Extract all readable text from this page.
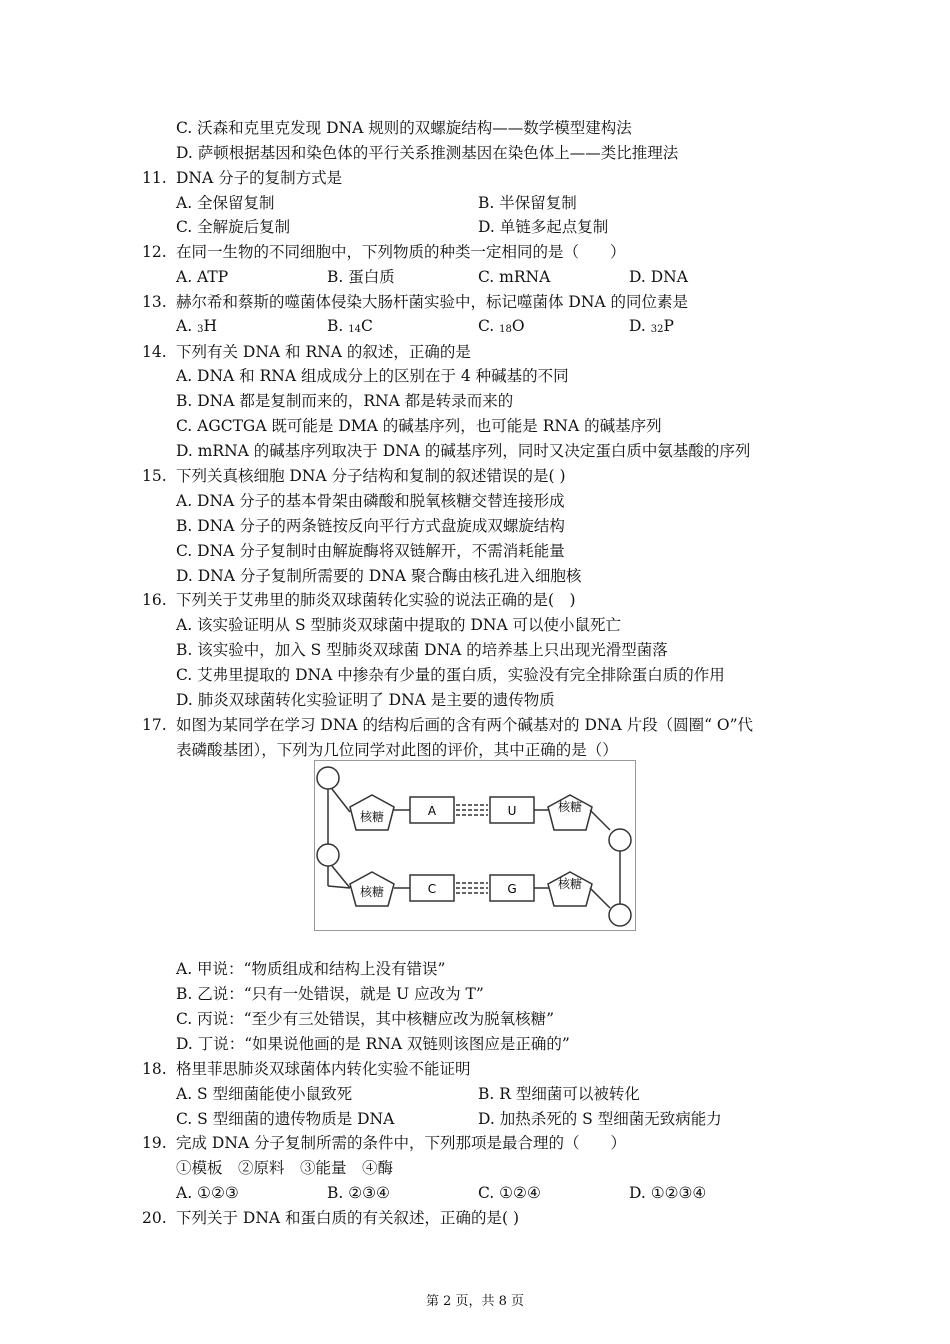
C. 沃森和克里克发现 DNA 规则的双螺旋结构——数学模型建构法
D. 萨顿根据基因和染色体的平行关系推测基因在染色体上——类比推理法
11. DNA 分子的复制方式是
A. 全保留复制	B. 半保留复制
C. 全解旋后复制	D. 单链多起点复制
12. 在同一生物的不同细胞中，下列物质的种类一定相同的是（　　）
A. ATP	B. 蛋白质	C. mRNA	D. DNA
13. 赫尔希和蔡斯的噬菌体侵染大肠杆菌实验中，标记噬菌体 DNA 的同位素是
A. $_3$H	B. $_{14}$C	C. $_{18}$O	D. $_{32}$P
14. 下列有关 DNA 和 RNA 的叙述，正确的是
A. DNA 和 RNA 组成成分上的区别在于 4 种碱基的不同
B. DNA 都是复制而来的，RNA 都是转录而来的
C. AGCTGA 既可能是 DMA 的碱基序列，也可能是 RNA 的碱基序列
D. mRNA 的碱基序列取决于 DNA 的碱基序列，同时又决定蛋白质中氨基酸的序列
15. 下列关真核细胞 DNA 分子结构和复制的叙述错误的是( )
A. DNA 分子的基本骨架由磷酸和脱氧核糖交替连接形成
B. DNA 分子的两条链按反向平行方式盘旋成双螺旋结构
C. DNA 分子复制时由解旋酶将双链解开，不需消耗能量
D. DNA 分子复制所需要的 DNA 聚合酶由核孔进入细胞核
16. 下列关于艾弗里的肺炎双球菌转化实验的说法正确的是(　)
A. 该实验证明从 S 型肺炎双球菌中提取的 DNA 可以使小鼠死亡
B. 该实验中，加入 S 型肺炎双球菌 DNA 的培养基上只出现光滑型菌落
C. 艾弗里提取的 DNA 中掺杂有少量的蛋白质，实验没有完全排除蛋白质的作用
D. 肺炎双球菌转化实验证明了 DNA 是主要的遗传物质
17. 如图为某同学在学习 DNA 的结构后画的含有两个碱基对的 DNA 片段（圆圈“ O”代
表磷酸基团），下列为几位同学对此图的评价，其中正确的是（）
核糖	A	U	核糖
核糖	C	G	核糖
A. 甲说：“物质组成和结构上没有错误”
B. 乙说：“只有一处错误，就是 U 应改为 T”
C. 丙说：“至少有三处错误，其中核糖应改为脱氧核糖”
D. 丁说：“如果说他画的是 RNA 双链则该图应是正确的”
18. 格里菲思肺炎双球菌体内转化实验不能证明
A. S 型细菌能使小鼠致死	B. R 型细菌可以被转化
C. S 型细菌的遗传物质是 DNA	D. 加热杀死的 S 型细菌无致病能力
19. 完成 DNA 分子复制所需的条件中，下列那项是最合理的（　　）
①模板　②原料　③能量　④酶
A. ①②③	B. ②③④	C. ①②④	D. ①②③④
20. 下列关于 DNA 和蛋白质的有关叙述，正确的是( )
第 2 页，共 8 页
